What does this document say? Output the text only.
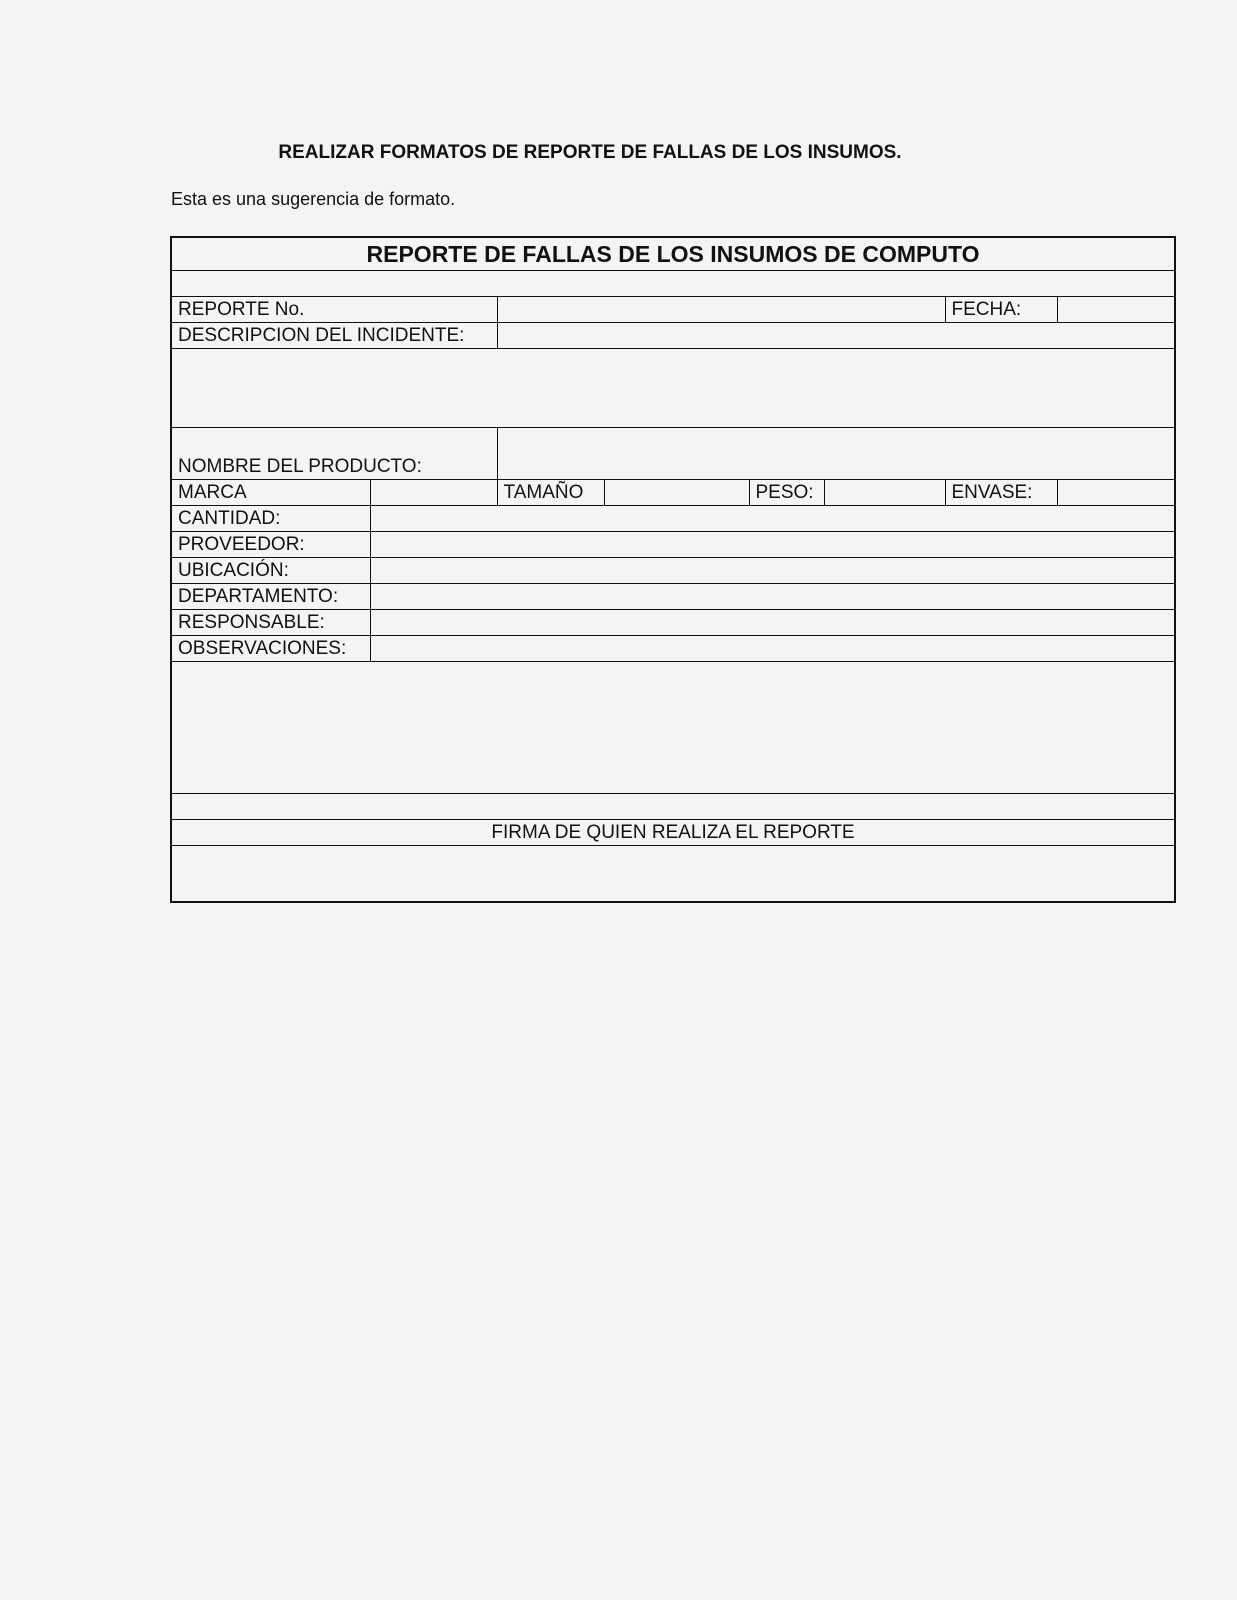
REALIZAR FORMATOS DE REPORTE DE FALLAS DE LOS INSUMOS.
Esta es una sugerencia de formato.
REPORTE DE FALLAS DE LOS INSUMOS DE COMPUTO							

REPORTE No.						FECHA:	
DESCRIPCION DEL INCIDENTE:							

NOMBRE DEL PRODUCTO:							
MARCA		TAMAÑO		PESO:		ENVASE:	
CANTIDAD:							
PROVEEDOR:							
UBICACIÓN:							
DEPARTAMENTO:							
RESPONSABLE:							
OBSERVACIONES:							

FIRMA DE QUIEN REALIZA EL REPORTE							
